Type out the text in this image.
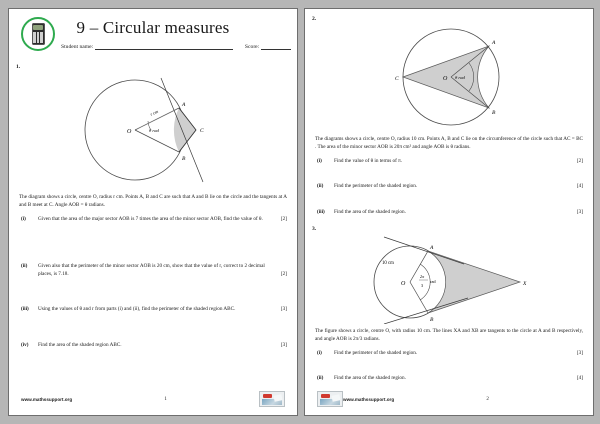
9 – Circular measures
Student name:	Score:
1.
O
A
B
C
r cm
θ rad
The diagram shows a circle, centre O, radius r cm. Points A, B and C are such that A and B lie on the circle and the tangents at A and B meet at C. Angle AOB = θ radians.
(i)	Given that the area of the major sector AOB is 7 times the area of the minor sector AOB, find the value of θ.	[2]
(ii)	Given also that the perimeter of the minor sector AOB is 20 cm, show that the value of r, correct to 2 decimal places, is 7.18.	[2]
(iii)	Using the values of θ and r from parts (i) and (ii), find the perimeter of the shaded region ABC.	[3]
(iv)	Find the area of the shaded region ABC.	[3]
www.mathssupport.org	1
2.
O
A
B
C	θ rad
The diagrams shows a circle, centre O, radius 10 cm. Points A, B and C lie on the circumference of the circle such that AC = BC . The area of the minor sector AOB is 20π cm² and angle AOB is θ radians.
(i)	Find the value of θ in terms of π.	[2]
(ii)	Find the perimeter of the shaded region.	[4]
(iii)	Find the area of the shaded region.	[3]
3.
O
A
B
X
10 cm
2π
3
rad
The figure shows a circle, centre O, with radius 10 cm. The lines XA and XB are tangents to the circle at A and B respectively, and angle AOB is 2π/3 radians.
(i)	Find the perimeter of the shaded region.	[3]
(ii)	Find the area of the shaded region.	[4]
2
www.mathssupport.org
